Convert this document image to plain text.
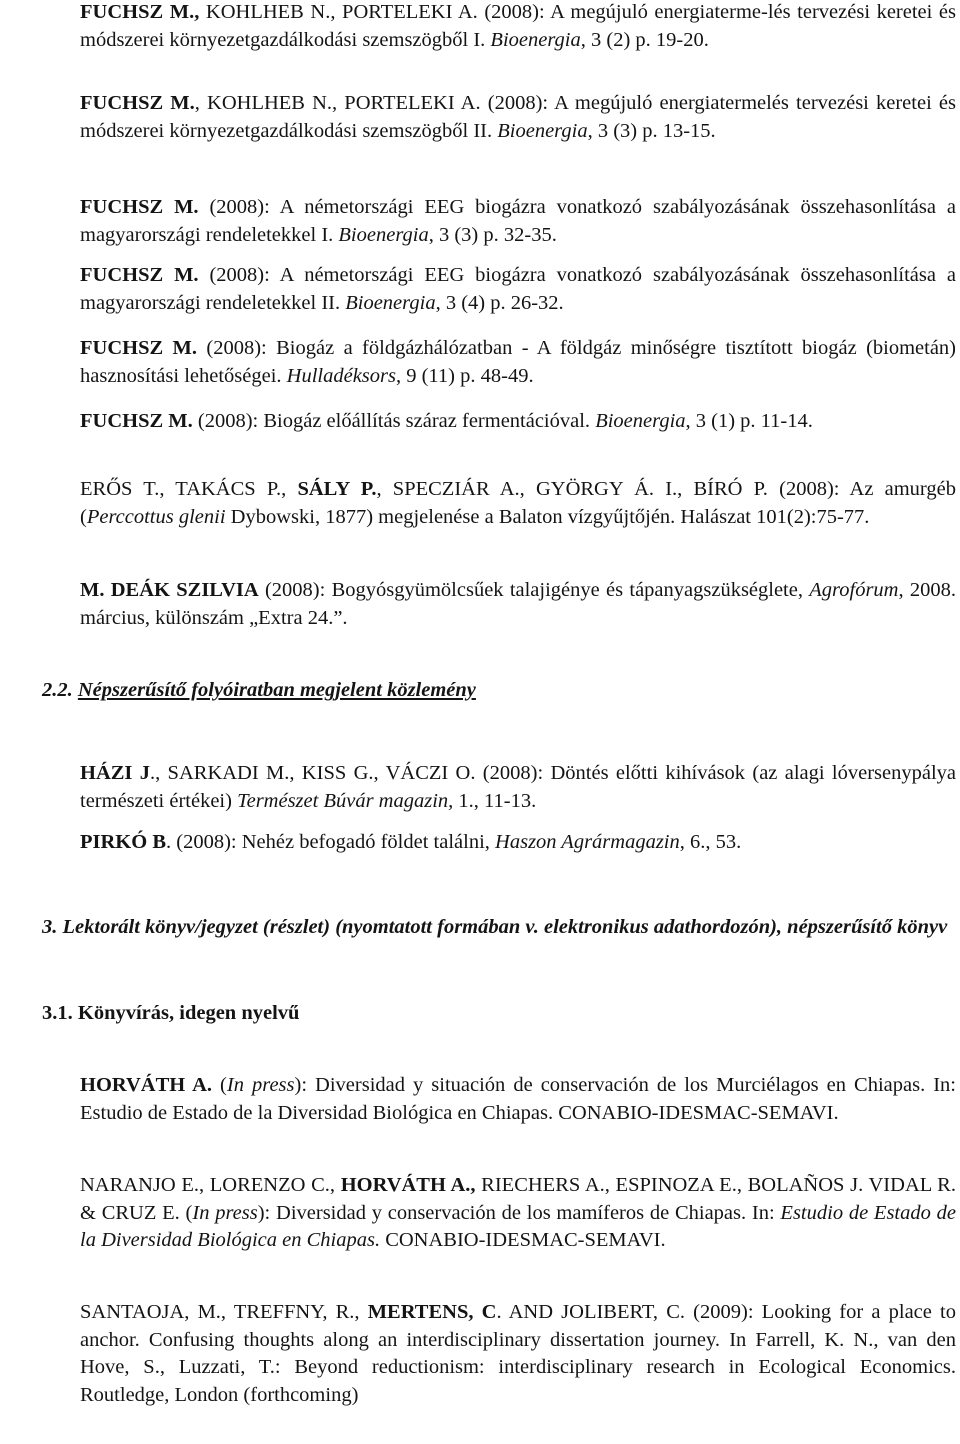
FUCHSZ M., KOHLHEB N., PORTELEKI A. (2008): A megújuló energiaterme-lés tervezési keretei és módszerei környezetgazdálkodási szemszögből I. Bioenergia, 3 (2) p. 19-20.

FUCHSZ M., KOHLHEB N., PORTELEKI A. (2008): A megújuló energiatermelés tervezési keretei és módszerei környezetgazdálkodási szemszögből II. Bioenergia, 3 (3) p. 13-15.

FUCHSZ M. (2008): A németországi EEG biogázra vonatkozó szabályozásának összehasonlítása a magyarországi rendeletekkel I. Bioenergia, 3 (3) p. 32-35.

FUCHSZ M. (2008): A németországi EEG biogázra vonatkozó szabályozásának összehasonlítása a magyarországi rendeletekkel II. Bioenergia, 3 (4) p. 26-32.

FUCHSZ M. (2008): Biogáz a földgázhálózatban - A földgáz minőségre tisztított biogáz (biometán) hasznosítási lehetőségei. Hulladéksors, 9 (11) p. 48-49.

FUCHSZ M. (2008): Biogáz előállítás száraz fermentációval. Bioenergia, 3 (1) p. 11-14.

ERŐS T., TAKÁCS P., SÁLY P., SPECZIÁR A., GYÖRGY Á. I., BÍRÓ P. (2008): Az amurgéb (Perccottus glenii Dybowski, 1877) megjelenése a Balaton vízgyűjtőjén. Halászat 101(2):75-77.

M. DEÁK SZILVIA (2008): Bogyósgyümölcsűek talajigénye és tápanyagszükséglete, Agrofórum, 2008. március, különszám „Extra 24.”.

2.2. Népszerűsítő folyóiratban megjelent közlemény

HÁZI J., SARKADI M., KISS G., VÁCZI O. (2008): Döntés előtti kihívások (az alagi lóversenypálya természeti értékei) Természet Búvár magazin, 1., 11-13.

PIRKÓ B. (2008): Nehéz befogadó földet találni, Haszon Agrármagazin, 6., 53.

3. Lektorált könyv/jegyzet (részlet) (nyomtatott formában v. elektronikus adathordozón), népszerűsítő könyv

3.1. Könyvírás, idegen nyelvű

HORVÁTH A. (In press): Diversidad y situación de conservación de los Murciélagos en Chiapas. In: Estudio de Estado de la Diversidad Biológica en Chiapas. CONABIO-IDESMAC-SEMAVI.

NARANJO E., LORENZO C., HORVÁTH A., RIECHERS A., ESPINOZA E., BOLAÑOS J. VIDAL R. & CRUZ E. (In press): Diversidad y conservación de los mamíferos de Chiapas. In: Estudio de Estado de la Diversidad Biológica en Chiapas. CONABIO-IDESMAC-SEMAVI.

SANTAOJA, M., TREFFNY, R., MERTENS, C. AND JOLIBERT, C. (2009): Looking for a place to anchor. Confusing thoughts along an interdisciplinary dissertation journey. In Farrell, K. N., van den Hove, S., Luzzati, T.: Beyond reductionism: interdisciplinary research in Ecological Economics. Routledge, London (forthcoming)
